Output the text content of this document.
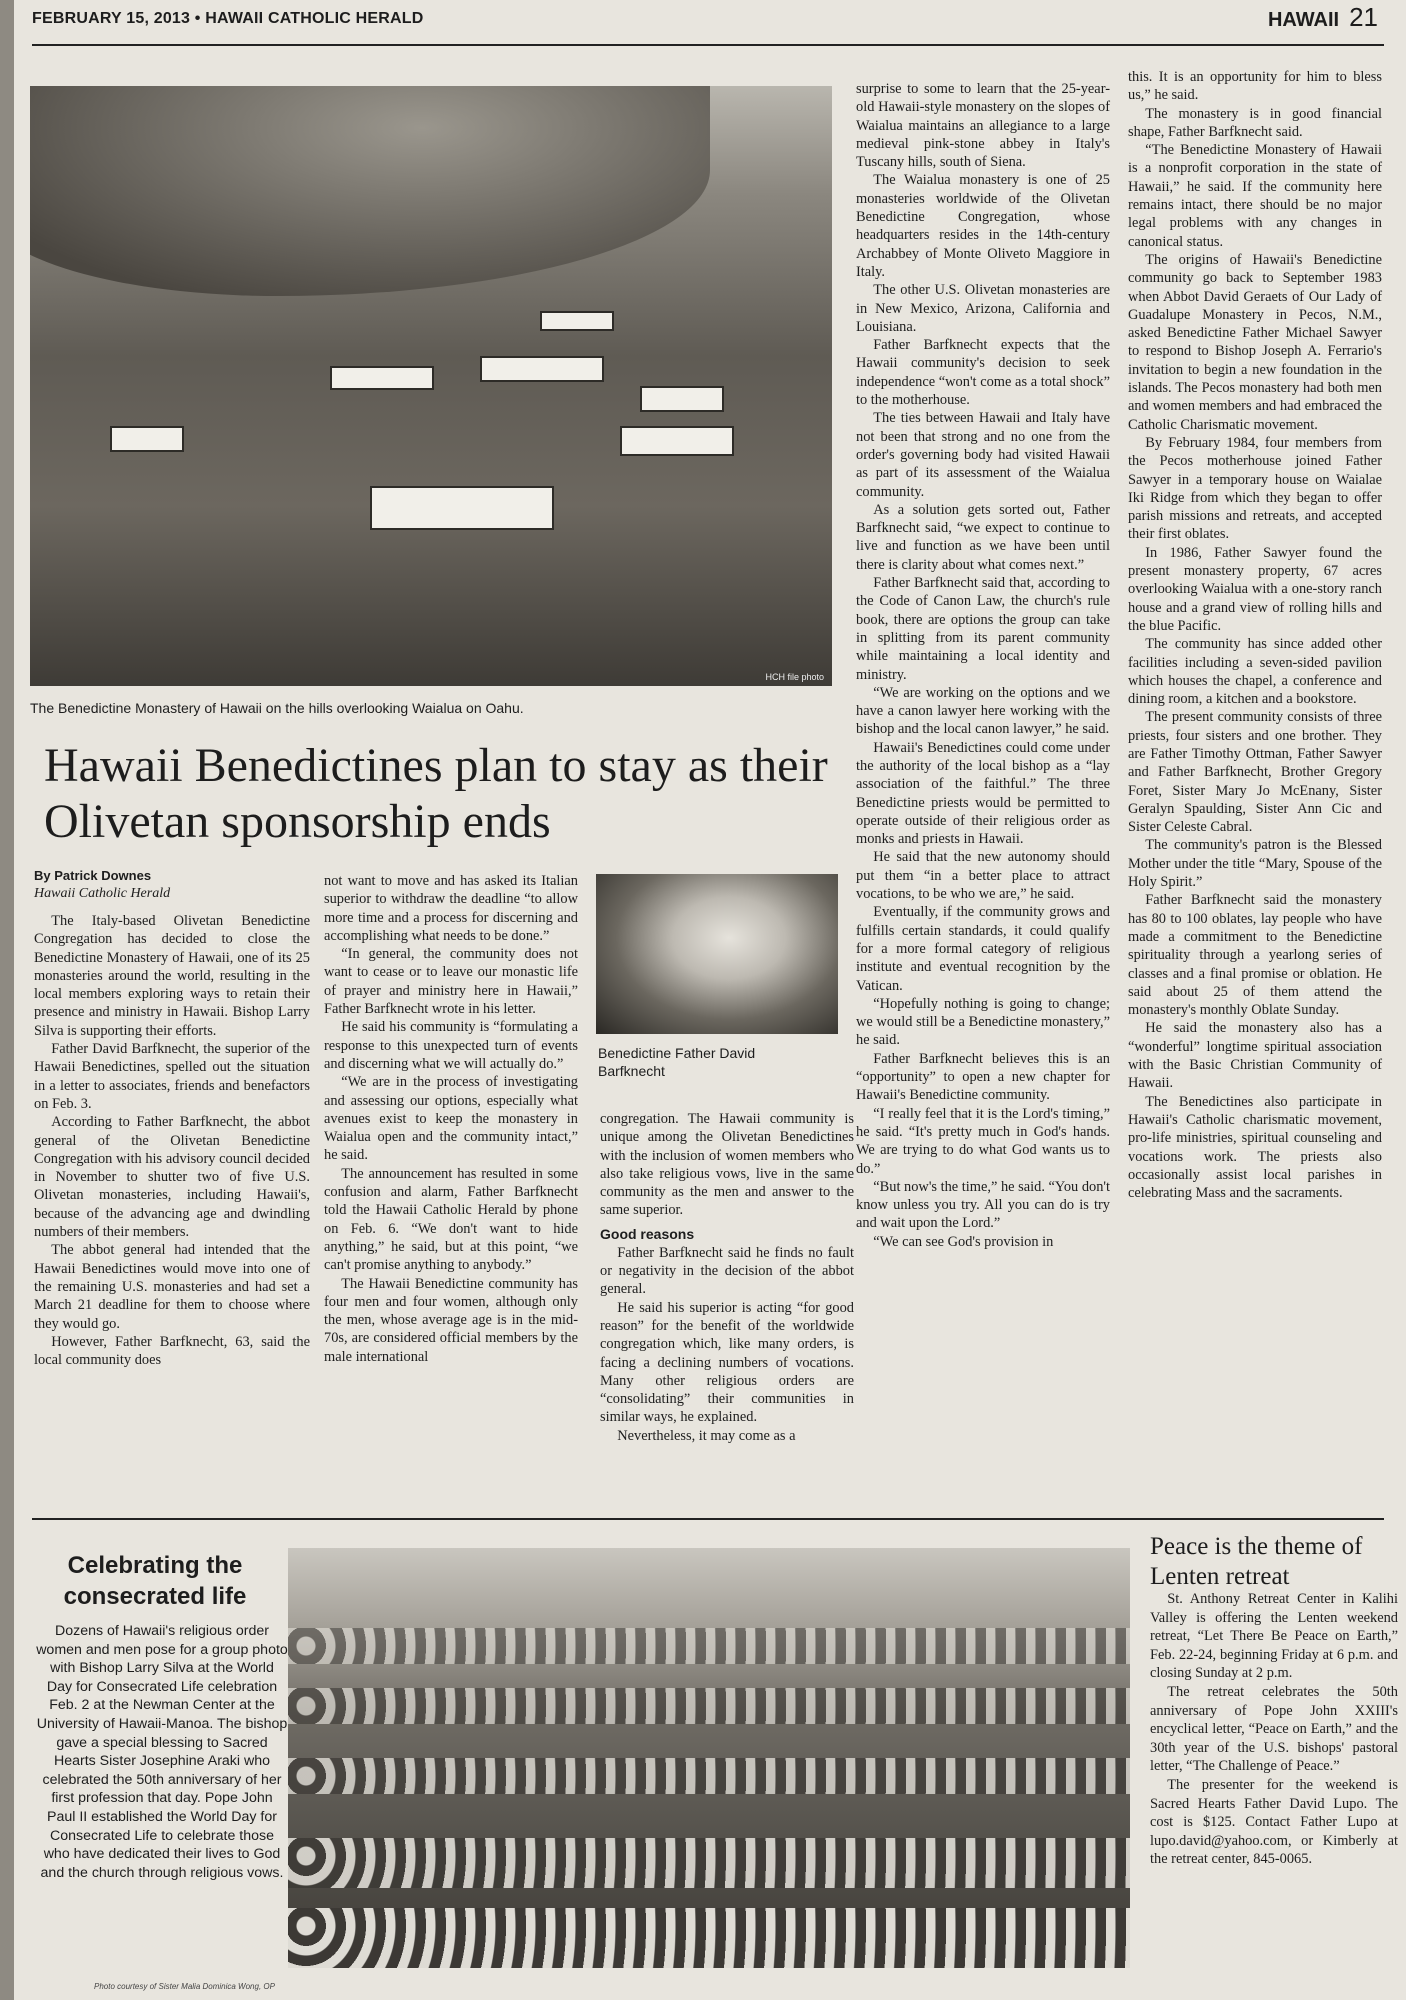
FEBRUARY 15, 2013 • HAWAII CATHOLIC HERALD	HAWAII 21
HCH file photo
The Benedictine Monastery of Hawaii on the hills overlooking Waialua on Oahu.
Hawaii Benedictines plan to stay as their Olivetan sponsorship ends
By Patrick Downes
Hawaii Catholic Herald

The Italy-based Olivetan Benedictine Congregation has decided to close the Benedictine Monastery of Hawaii, one of its 25 monasteries around the world, resulting in the local members exploring ways to retain their presence and ministry in Hawaii. Bishop Larry Silva is supporting their efforts.

Father David Barfknecht, the superior of the Hawaii Benedictines, spelled out the situation in a letter to associates, friends and benefactors on Feb. 3.

According to Father Barfknecht, the abbot general of the Olivetan Benedictine Congregation with his advisory council decided in November to shutter two of five U.S. Olivetan monasteries, including Hawaii's, because of the advancing age and dwindling numbers of their members.

The abbot general had intended that the Hawaii Benedictines would move into one of the remaining U.S. monasteries and had set a March 21 deadline for them to choose where they would go.

However, Father Barfknecht, 63, said the local community does

not want to move and has asked its Italian superior to withdraw the deadline “to allow more time and a process for discerning and accomplishing what needs to be done.”

“In general, the community does not want to cease or to leave our monastic life of prayer and ministry here in Hawaii,” Father Barfknecht wrote in his letter.

He said his community is “formulating a response to this unexpected turn of events and discerning what we will actually do.”

“We are in the process of investigating and assessing our options, especially what avenues exist to keep the monastery in Waialua open and the community intact,” he said.

The announcement has resulted in some confusion and alarm, Father Barfknecht told the Hawaii Catholic Herald by phone on Feb. 6. “We don't want to hide anything,” he said, but at this point, “we can't promise anything to anybody.”

The Hawaii Benedictine community has four men and four women, although only the men, whose average age is in the mid-70s, are considered official members by the male international

Benedictine Father David Barfknecht

congregation. The Hawaii community is unique among the Olivetan Benedictines with the inclusion of women members who also take religious vows, live in the same community as the men and answer to the same superior.

Good reasons

Father Barfknecht said he finds no fault or negativity in the decision of the abbot general.

He said his superior is acting “for good reason” for the benefit of the worldwide congregation which, like many orders, is facing a declining numbers of vocations. Many other religious orders are “consolidating” their communities in similar ways, he explained.

Nevertheless, it may come as a

surprise to some to learn that the 25-year-old Hawaii-style monastery on the slopes of Waialua maintains an allegiance to a large medieval pink-stone abbey in Italy's Tuscany hills, south of Siena.

The Waialua monastery is one of 25 monasteries worldwide of the Olivetan Benedictine Congregation, whose headquarters resides in the 14th-century Archabbey of Monte Oliveto Maggiore in Italy.

The other U.S. Olivetan monasteries are in New Mexico, Arizona, California and Louisiana.

Father Barfknecht expects that the Hawaii community's decision to seek independence “won't come as a total shock” to the motherhouse.

The ties between Hawaii and Italy have not been that strong and no one from the order's governing body had visited Hawaii as part of its assessment of the Waialua community.

As a solution gets sorted out, Father Barfknecht said, “we expect to continue to live and function as we have been until there is clarity about what comes next.”

Father Barfknecht said that, according to the Code of Canon Law, the church's rule book, there are options the group can take in splitting from its parent community while maintaining a local identity and ministry.

“We are working on the options and we have a canon lawyer here working with the bishop and the local canon lawyer,” he said.

Hawaii's Benedictines could come under the authority of the local bishop as a “lay association of the faithful.” The three Benedictine priests would be permitted to operate outside of their religious order as monks and priests in Hawaii.

He said that the new autonomy should put them “in a better place to attract vocations, to be who we are,” he said.

Eventually, if the community grows and fulfills certain standards, it could qualify for a more formal category of religious institute and eventual recognition by the Vatican.

“Hopefully nothing is going to change; we would still be a Benedictine monastery,” he said.

Father Barfknecht believes this is an “opportunity” to open a new chapter for Hawaii's Benedictine community.

“I really feel that it is the Lord's timing,” he said. “It's pretty much in God's hands. We are trying to do what God wants us to do.”

“But now's the time,” he said. “You don't know unless you try. All you can do is try and wait upon the Lord.”

“We can see God's provision in

this. It is an opportunity for him to bless us,” he said.

The monastery is in good financial shape, Father Barfknecht said.

“The Benedictine Monastery of Hawaii is a nonprofit corporation in the state of Hawaii,” he said. If the community here remains intact, there should be no major legal problems with any changes in canonical status.

The origins of Hawaii's Benedictine community go back to September 1983 when Abbot David Geraets of Our Lady of Guadalupe Monastery in Pecos, N.M., asked Benedictine Father Michael Sawyer to respond to Bishop Joseph A. Ferrario's invitation to begin a new foundation in the islands. The Pecos monastery had both men and women members and had embraced the Catholic Charismatic movement.

By February 1984, four members from the Pecos motherhouse joined Father Sawyer in a temporary house on Waialae Iki Ridge from which they began to offer parish missions and retreats, and accepted their first oblates.

In 1986, Father Sawyer found the present monastery property, 67 acres overlooking Waialua with a one-story ranch house and a grand view of rolling hills and the blue Pacific.

The community has since added other facilities including a seven-sided pavilion which houses the chapel, a conference and dining room, a kitchen and a bookstore.

The present community consists of three priests, four sisters and one brother. They are Father Timothy Ottman, Father Sawyer and Father Barfknecht, Brother Gregory Foret, Sister Mary Jo McEnany, Sister Geralyn Spaulding, Sister Ann Cic and Sister Celeste Cabral.

The community's patron is the Blessed Mother under the title “Mary, Spouse of the Holy Spirit.”

Father Barfknecht said the monastery has 80 to 100 oblates, lay people who have made a commitment to the Benedictine spirituality through a yearlong series of classes and a final promise or oblation. He said about 25 of them attend the monastery's monthly Oblate Sunday.

He said the monastery also has a “wonderful” longtime spiritual association with the Basic Christian Community of Hawaii.

The Benedictines also participate in Hawaii's Catholic charismatic movement, pro-life ministries, spiritual counseling and vocations work. The priests also occasionally assist local parishes in celebrating Mass and the sacraments.

Celebrating the consecrated life
Dozens of Hawaii's religious order women and men pose for a group photo with Bishop Larry Silva at the World Day for Consecrated Life celebration Feb. 2 at the Newman Center at the University of Hawaii-Manoa. The bishop gave a special blessing to Sacred Hearts Sister Josephine Araki who celebrated the 50th anniversary of her first profession that day. Pope John Paul II established the World Day for Consecrated Life to celebrate those who have dedicated their lives to God and the church through religious vows.
Photo courtesy of Sister Malia Dominica Wong, OP
Peace is the theme of Lenten retreat

St. Anthony Retreat Center in Kalihi Valley is offering the Lenten weekend retreat, “Let There Be Peace on Earth,” Feb. 22-24, beginning Friday at 6 p.m. and closing Sunday at 2 p.m.

The retreat celebrates the 50th anniversary of Pope John XXIII's encyclical letter, “Peace on Earth,” and the 30th year of the U.S. bishops' pastoral letter, “The Challenge of Peace.”

The presenter for the weekend is Sacred Hearts Father David Lupo. The cost is $125. Contact Father Lupo at lupo.david@yahoo.com, or Kimberly at the retreat center, 845-0065.
